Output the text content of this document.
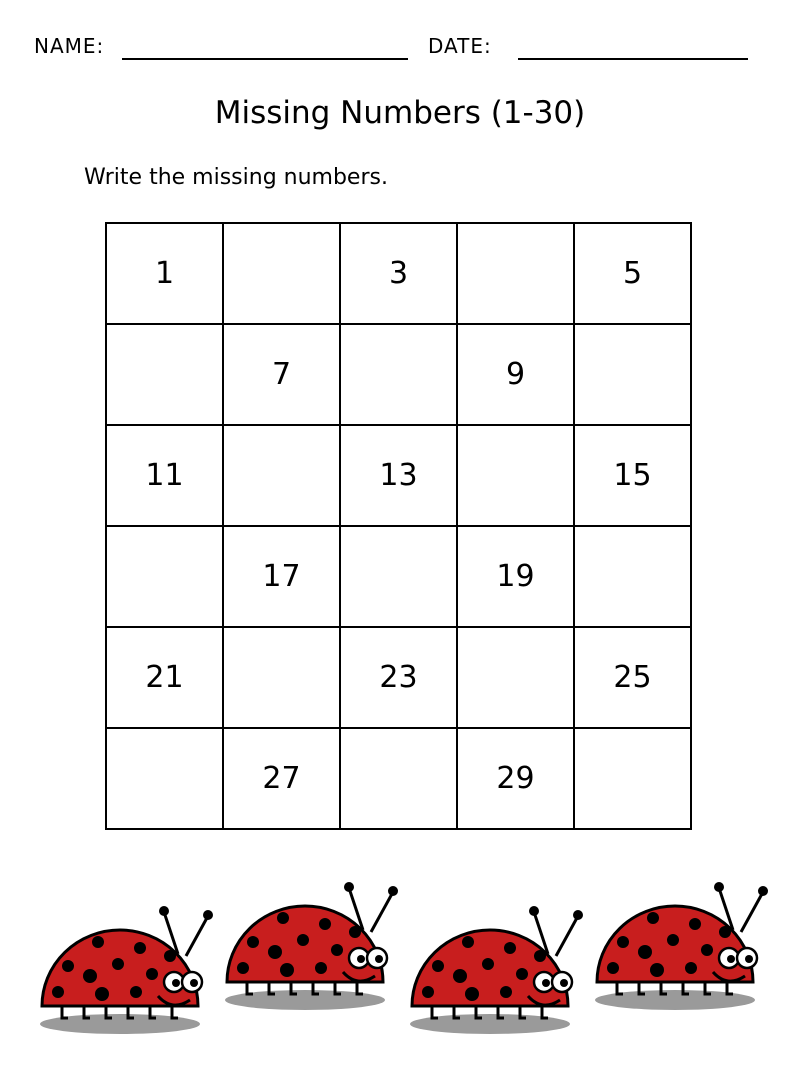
NAME:	DATE:
Missing Numbers (1-30)
Write the missing numbers.
1		3		5
	7		9	
11		13		15
	17		19	
21		23		25
	27		29	
